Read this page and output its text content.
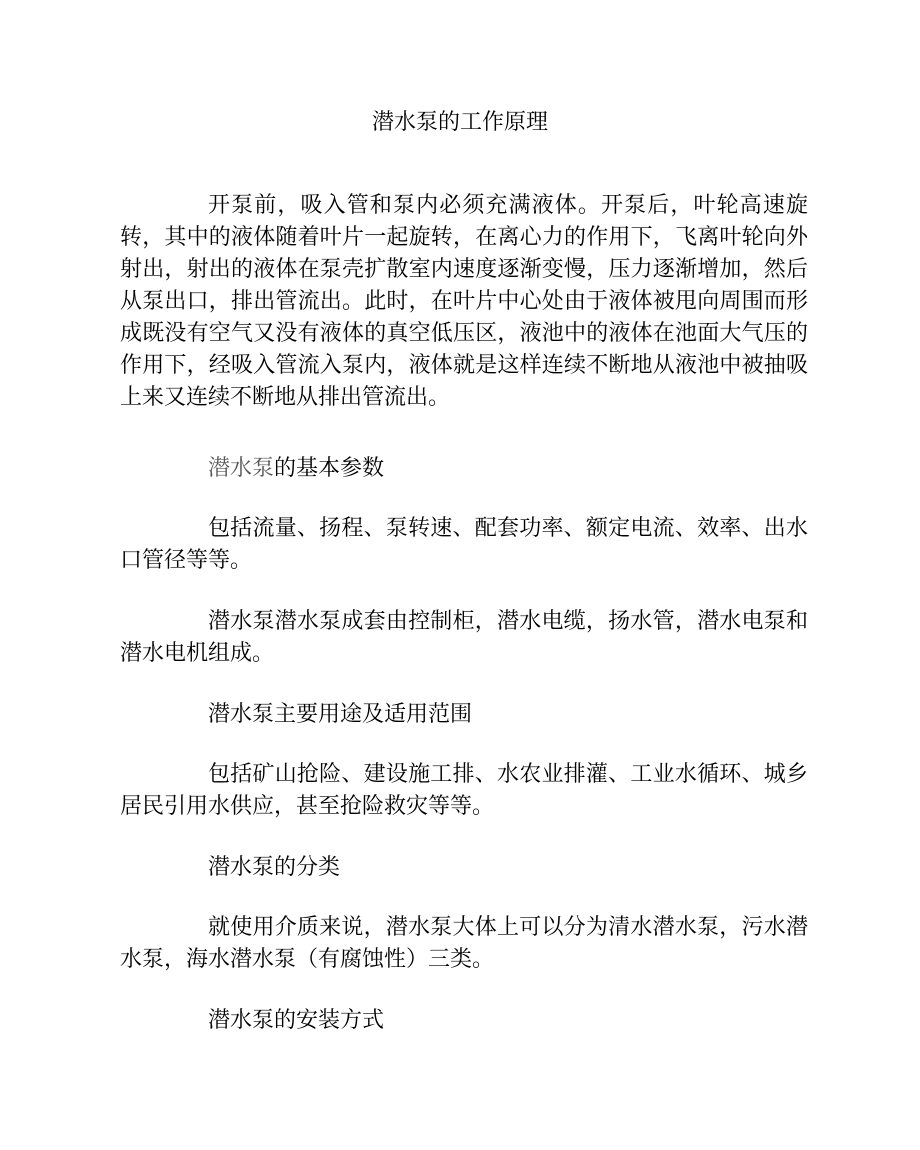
潜水泵的工作原理

开泵前，吸入管和泵内必须充满液体。开泵后，叶轮高速旋转，其中的液体随着叶片一起旋转，在离心力的作用下，飞离叶轮向外射出，射出的液体在泵壳扩散室内速度逐渐变慢，压力逐渐增加，然后从泵出口，排出管流出。此时，在叶片中心处由于液体被甩向周围而形成既没有空气又没有液体的真空低压区，液池中的液体在池面大气压的作用下，经吸入管流入泵内，液体就是这样连续不断地从液池中被抽吸上来又连续不断地从排出管流出。

潜水泵的基本参数

包括流量、扬程、泵转速、配套功率、额定电流、效率、出水口管径等等。

潜水泵潜水泵成套由控制柜，潜水电缆，扬水管，潜水电泵和潜水电机组成。

潜水泵主要用途及适用范围

包括矿山抢险、建设施工排、水农业排灌、工业水循环、城乡居民引用水供应，甚至抢险救灾等等。

潜水泵的分类

就使用介质来说，潜水泵大体上可以分为清水潜水泵，污水潜水泵，海水潜水泵（有腐蚀性）三类。

潜水泵的安装方式
